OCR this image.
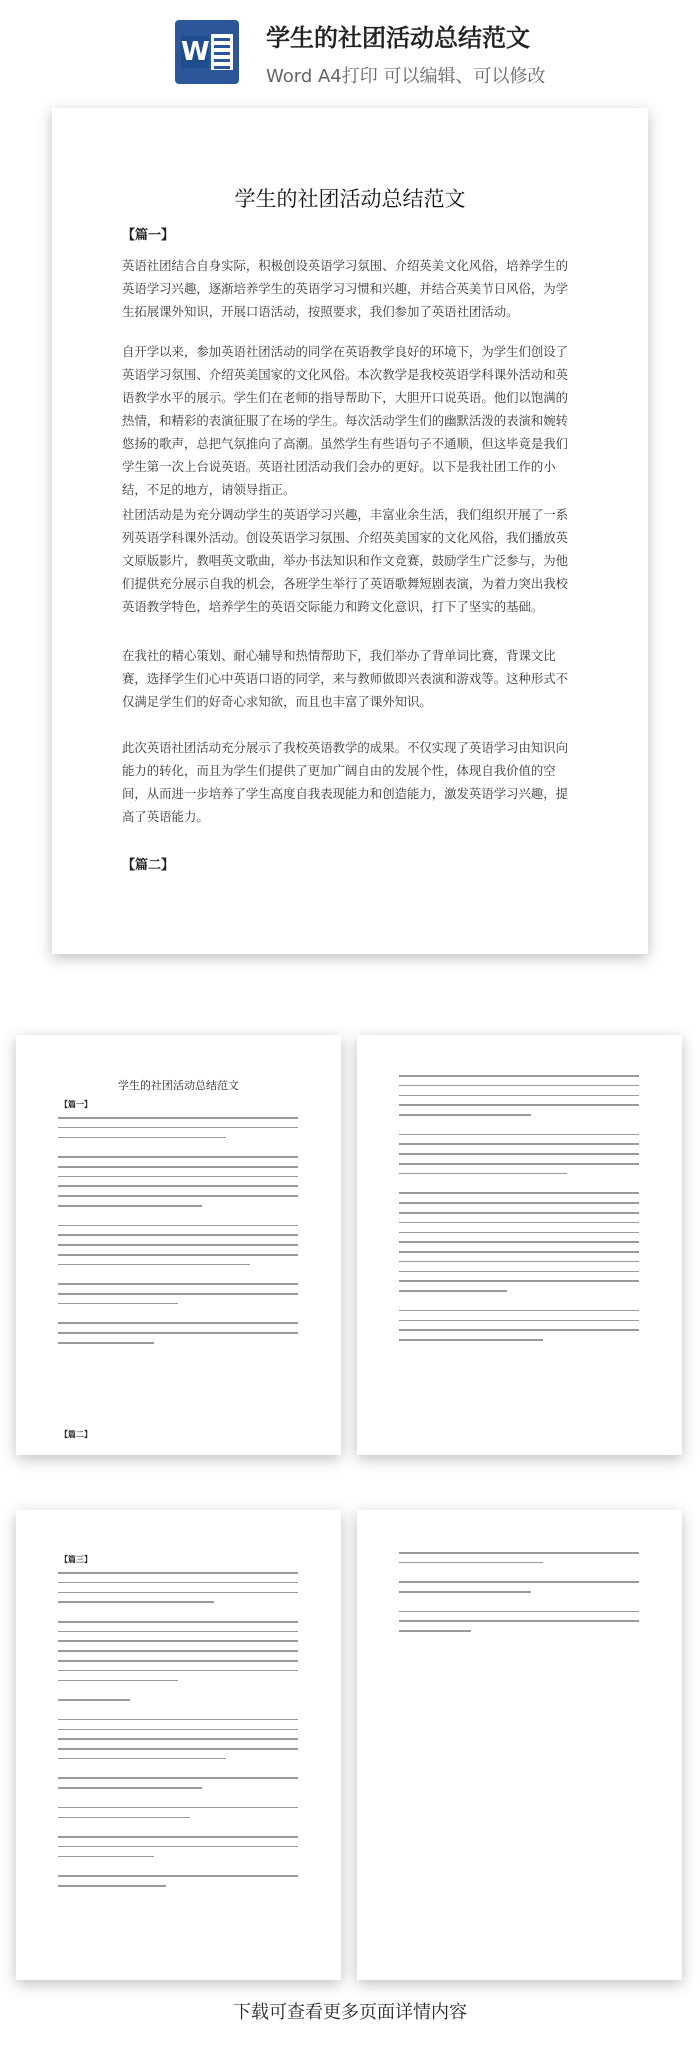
W 学生的社团活动总结范文
Word A4打印 可以编辑、可以修改
学生的社团活动总结范文
【篇一】
英语社团结合自身实际，积极创设英语学习氛围、介绍英美文化风俗，培养学生的英语学习兴趣，逐渐培养学生的英语学习习惯和兴趣，并结合英美节日风俗，为学生拓展课外知识，开展口语活动，按照要求，我们参加了英语社团活动。
自开学以来，参加英语社团活动的同学在英语教学良好的环境下，为学生们创设了英语学习氛围、介绍英美国家的文化风俗。本次教学是我校英语学科课外活动和英语教学水平的展示。学生们在老师的指导帮助下，大胆开口说英语。他们以饱满的热情，和精彩的表演征服了在场的学生。每次活动学生们的幽默活泼的表演和婉转悠扬的歌声，总把气氛推向了高潮。虽然学生有些语句子不通顺，但这毕竟是我们学生第一次上台说英语。英语社团活动我们会办的更好。以下是我社团工作的小结，不足的地方，请领导指正。
社团活动是为充分调动学生的英语学习兴趣，丰富业余生活，我们组织开展了一系列英语学科课外活动。创设英语学习氛围、介绍英美国家的文化风俗，我们播放英文原版影片，教唱英文歌曲，举办书法知识和作文竞赛，鼓励学生广泛参与，为他们提供充分展示自我的机会，各班学生举行了英语歌舞短剧表演，为着力突出我校英语教学特色，培养学生的英语交际能力和跨文化意识，打下了坚实的基础。
在我社的精心策划、耐心辅导和热情帮助下，我们举办了背单词比赛，背课文比赛，选择学生们心中英语口语的同学，来与教师做即兴表演和游戏等。这种形式不仅满足学生们的好奇心求知欲，而且也丰富了课外知识。
此次英语社团活动充分展示了我校英语教学的成果。不仅实现了英语学习由知识向能力的转化，而且为学生们提供了更加广阔自由的发展个性，体现自我价值的空间，从而进一步培养了学生高度自我表现能力和创造能力，激发英语学习兴趣，提高了英语能力。
【篇二】
学生的社团活动总结范文
【篇一】
【篇二】
【篇三】
下载可查看更多页面详情内容
